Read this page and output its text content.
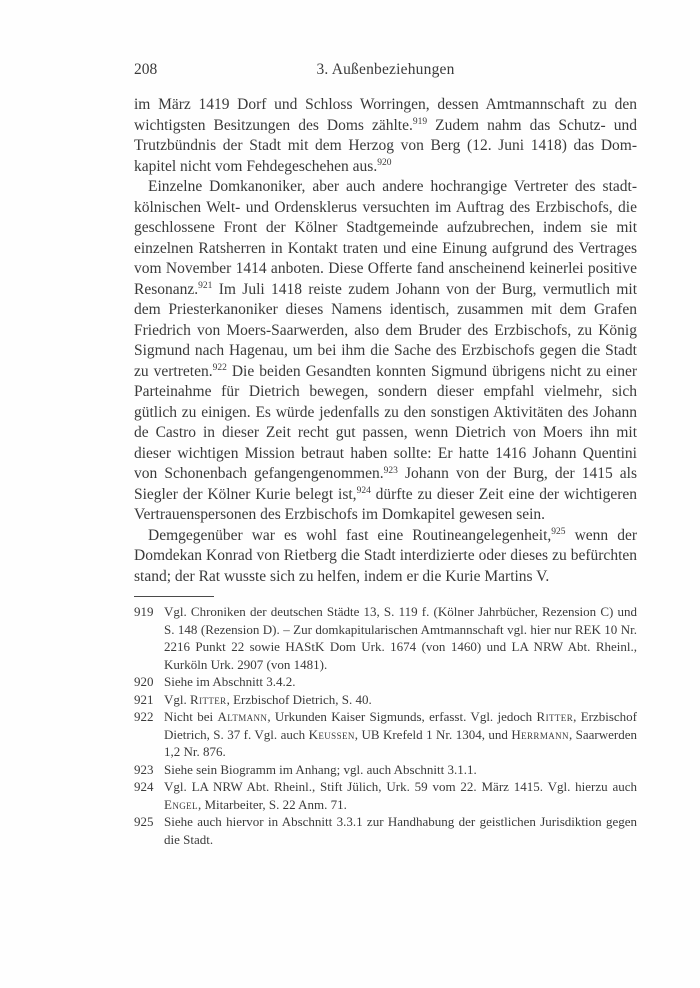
208	3. Außenbeziehungen

im März 1419 Dorf und Schloss Worringen, dessen Amtmannschaft zu den wichtigsten Besitzungen des Doms zählte.$^{919}$ Zudem nahm das Schutz- und Trutzbündnis der Stadt mit dem Herzog von Berg (12. Juni 1418) das Domkapitel nicht vom Fehdegeschehen aus.$^{920}$

Einzelne Domkanoniker, aber auch andere hochrangige Vertreter des stadtkölnischen Welt- und Ordensklerus versuchten im Auftrag des Erzbischofs, die geschlossene Front der Kölner Stadtgemeinde aufzubrechen, indem sie mit einzelnen Ratsherren in Kontakt traten und eine Einung aufgrund des Vertrages vom November 1414 anboten. Diese Offerte fand anscheinend keinerlei positive Resonanz.$^{921}$ Im Juli 1418 reiste zudem Johann von der Burg, vermutlich mit dem Priesterkanoniker dieses Namens identisch, zusammen mit dem Grafen Friedrich von Moers-Saarwerden, also dem Bruder des Erzbischofs, zu König Sigmund nach Hagenau, um bei ihm die Sache des Erzbischofs gegen die Stadt zu vertreten.$^{922}$ Die beiden Gesandten konnten Sigmund übrigens nicht zu einer Parteinahme für Dietrich bewegen, sondern dieser empfahl vielmehr, sich gütlich zu einigen. Es würde jedenfalls zu den sonstigen Aktivitäten des Johann de Castro in dieser Zeit recht gut passen, wenn Dietrich von Moers ihn mit dieser wichtigen Mission betraut haben sollte: Er hatte 1416 Johann Quentini von Schonenbach gefangengenommen.$^{923}$ Johann von der Burg, der 1415 als Siegler der Kölner Kurie belegt ist,$^{924}$ dürfte zu dieser Zeit eine der wichtigeren Vertrauenspersonen des Erzbischofs im Domkapitel gewesen sein.

Demgegenüber war es wohl fast eine Routineangelegenheit,$^{925}$ wenn der Domdekan Konrad von Rietberg die Stadt interdizierte oder dieses zu befürchten stand; der Rat wusste sich zu helfen, indem er die Kurie Martins V.

919 Vgl. Chroniken der deutschen Städte 13, S. 119 f. (Kölner Jahrbücher, Rezension C) und S. 148 (Rezension D). – Zur domkapitularischen Amtmannschaft vgl. hier nur REK 10 Nr. 2216 Punkt 22 sowie HAStK Dom Urk. 1674 (von 1460) und LA NRW Abt. Rheinl., Kurköln Urk. 2907 (von 1481).
920 Siehe im Abschnitt 3.4.2.
921 Vgl. Ritter, Erzbischof Dietrich, S. 40.
922 Nicht bei Altmann, Urkunden Kaiser Sigmunds, erfasst. Vgl. jedoch Ritter, Erzbischof Dietrich, S. 37 f. Vgl. auch Keussen, UB Krefeld 1 Nr. 1304, und Herrmann, Saarwerden 1,2 Nr. 876.
923 Siehe sein Biogramm im Anhang; vgl. auch Abschnitt 3.1.1.
924 Vgl. LA NRW Abt. Rheinl., Stift Jülich, Urk. 59 vom 22. März 1415. Vgl. hierzu auch Engel, Mitarbeiter, S. 22 Anm. 71.
925 Siehe auch hiervor in Abschnitt 3.3.1 zur Handhabung der geistlichen Jurisdiktion gegen die Stadt.
